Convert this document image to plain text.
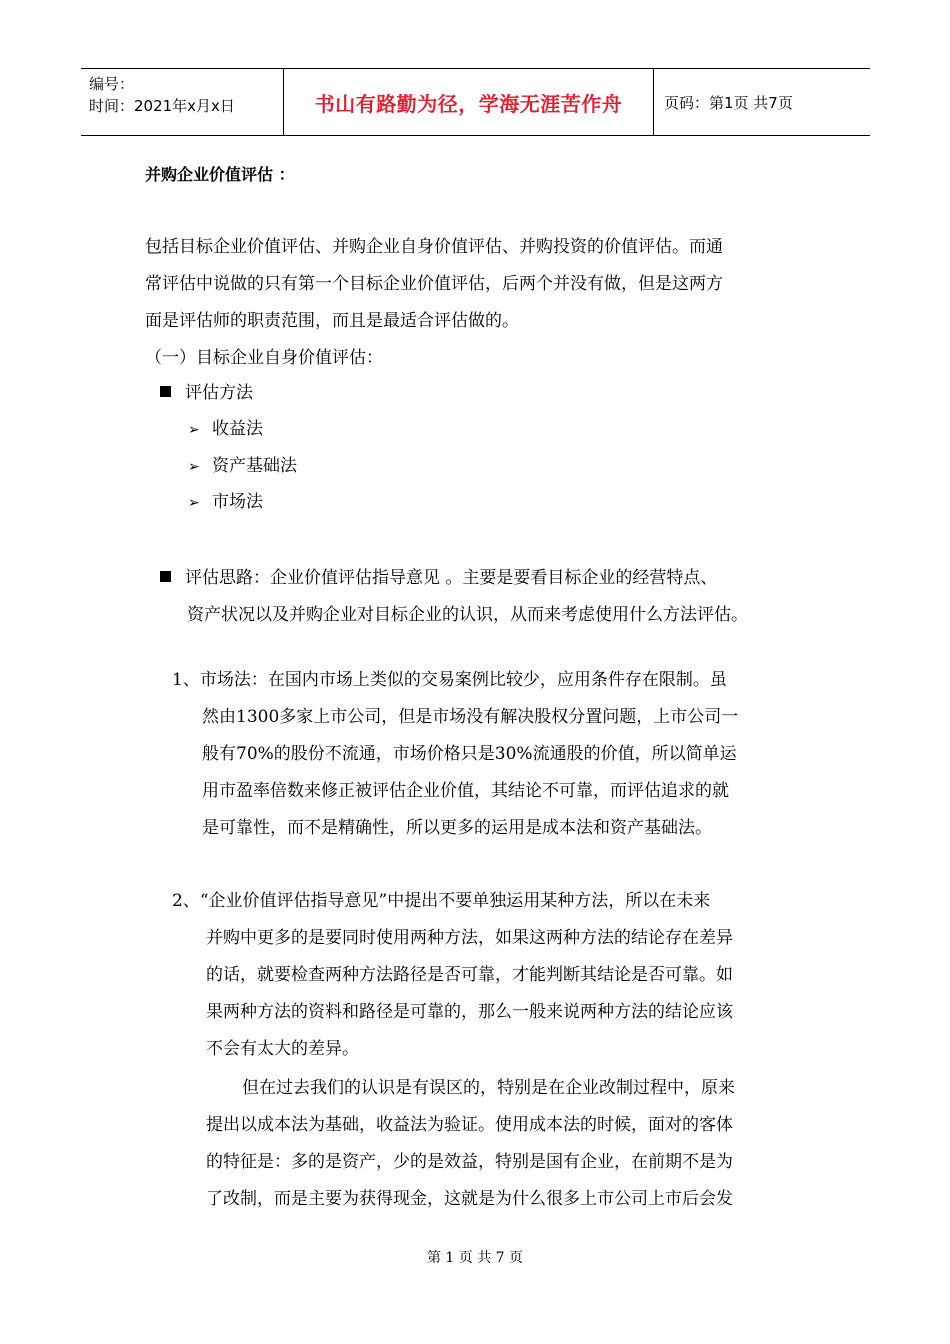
编号：
时间：2021年x月x日	书山有路勤为径，学海无涯苦作舟	页码：第1页 共7页
并购企业价值评估 ：
包括目标企业价值评估、并购企业自身价值评估、并购投资的价值评估。而通
常评估中说做的只有第一个目标企业价值评估，后两个并没有做，但是这两方
面是评估师的职责范围，而且是最适合评估做的。
（一）目标企业自身价值评估：
评估方法
➢ 收益法
➢ 资产基础法
➢ 市场法
评估思路：企业价值评估指导意见 。主要是要看目标企业的经营特点、
资产状况以及并购企业对目标企业的认识，从而来考虑使用什么方法评估。
1、市场法：在国内市场上类似的交易案例比较少，应用条件存在限制。虽
然由1300多家上市公司，但是市场没有解决股权分置问题，上市公司一
般有70%的股份不流通，市场价格只是30%流通股的价值，所以简单运
用市盈率倍数来修正被评估企业价值，其结论不可靠，而评估追求的就
是可靠性，而不是精确性，所以更多的运用是成本法和资产基础法。
2、“企业价值评估指导意见”中提出不要单独运用某种方法，所以在未来
并购中更多的是要同时使用两种方法，如果这两种方法的结论存在差异
的话，就要检查两种方法路径是否可靠，才能判断其结论是否可靠。如
果两种方法的资料和路径是可靠的，那么一般来说两种方法的结论应该
不会有太大的差异。
但在过去我们的认识是有误区的，特别是在企业改制过程中，原来
提出以成本法为基础，收益法为验证。使用成本法的时候，面对的客体
的特征是：多的是资产，少的是效益，特别是国有企业，在前期不是为
了改制，而是主要为获得现金，这就是为什么很多上市公司上市后会发
第 1 页 共 7 页
